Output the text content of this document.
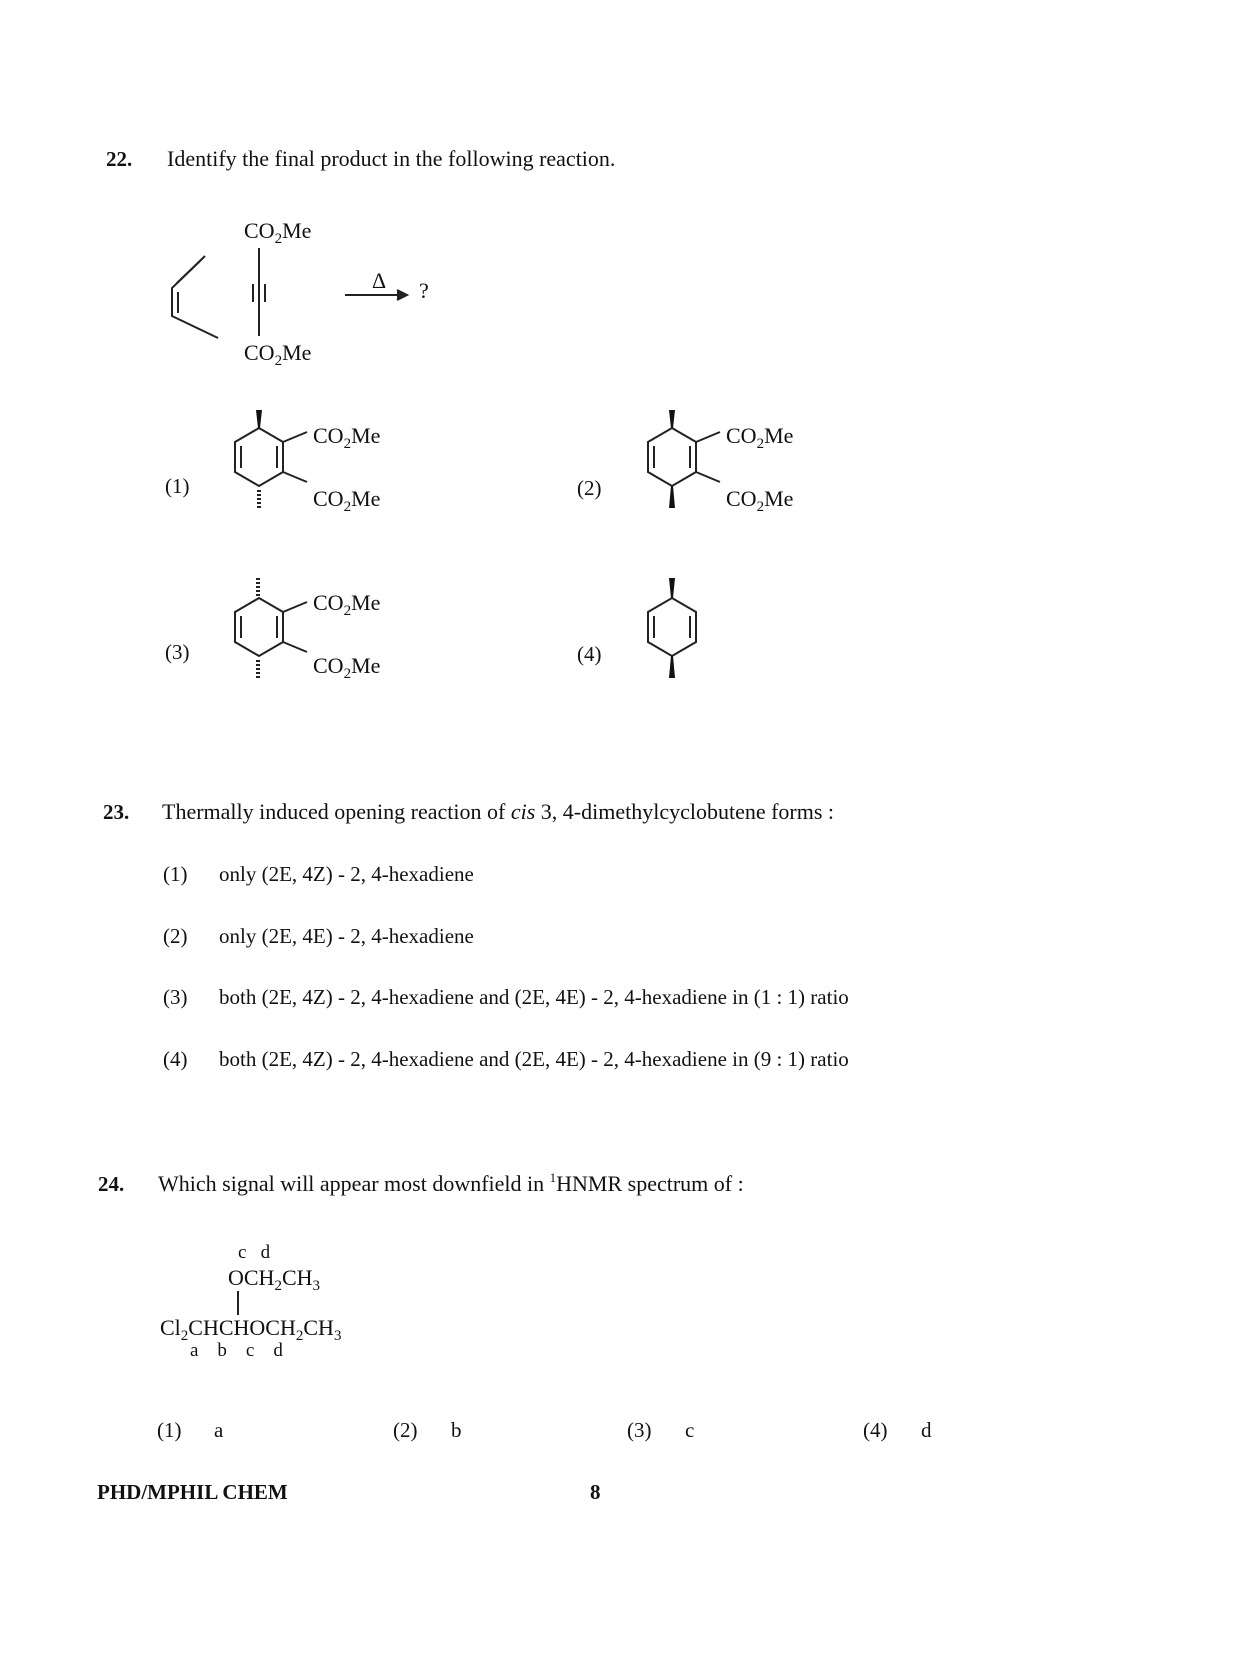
22. Identify the final product in the following reaction.
$CO_2Me$
$CO_2Me$
Δ ?
(1)
$CO_2Me$
$CO_2Me$	(2)
$CO_2Me$
$CO_2Me$
(3)
$CO_2Me$
$CO_2Me$	(4)
23. Thermally induced opening reaction of cis 3, 4-dimethylcyclobutene forms :
(1) only (2E, 4Z) - 2, 4-hexadiene
(2) only (2E, 4E) - 2, 4-hexadiene
(3) both (2E, 4Z) - 2, 4-hexadiene and (2E, 4E) - 2, 4-hexadiene in (1 : 1) ratio
(4) both (2E, 4Z) - 2, 4-hexadiene and (2E, 4E) - 2, 4-hexadiene in (9 : 1) ratio
24. Which signal will appear most downfield in $^1$HNMR spectrum of :
c   d
$OCH_2CH_3$
$Cl_2CHCHOCH_2CH_3$
a    b    c    d
(1) a	(2) b	(3) c	(4) d
PHD/MPHIL CHEM	8
